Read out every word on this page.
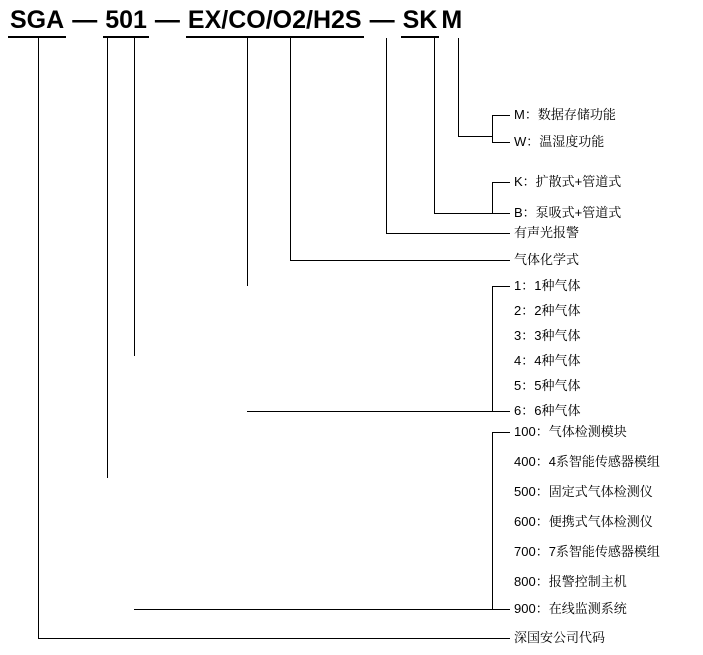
SGA — 501 — EX/CO/O2/H2S — SK M
M：数据存储功能
W：温湿度功能
K：扩散式+管道式
B：泵吸式+管道式
有声光报警
气体化学式
1：1种气体
2：2种气体
3：3种气体
4：4种气体
5：5种气体
6：6种气体
100：气体检测模块
400：4系智能传感器模组
500：固定式气体检测仪
600：便携式气体检测仪
700：7系智能传感器模组
800：报警控制主机
900：在线监测系统
深国安公司代码
